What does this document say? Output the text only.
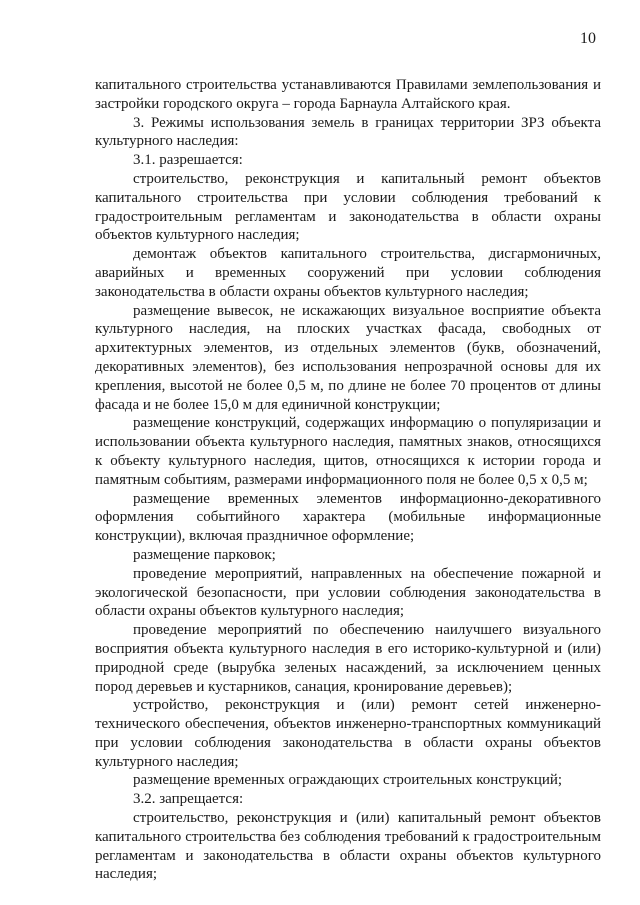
10

капитального строительства устанавливаются Правилами землепользования и застройки городского округа – города Барнаула Алтайского края.

3. Режимы использования земель в границах территории ЗРЗ объекта культурного наследия:

3.1. разрешается:

строительство, реконструкция и капитальный ремонт объектов капитального строительства при условии соблюдения требований к градостроительным регламентам и законодательства в области охраны объектов культурного наследия;

демонтаж объектов капитального строительства, дисгармоничных, аварийных и временных сооружений при условии соблюдения законодательства в области охраны объектов культурного наследия;

размещение вывесок, не искажающих визуальное восприятие объекта культурного наследия, на плоских участках фасада, свободных от архитектурных элементов, из отдельных элементов (букв, обозначений, декоративных элементов), без использования непрозрачной основы для их крепления, высотой не более 0,5 м, по длине не более 70 процентов от длины фасада и не более 15,0 м для единичной конструкции;

размещение конструкций, содержащих информацию о популяризации и использовании объекта культурного наследия, памятных знаков, относящихся к объекту культурного наследия, щитов, относящихся к истории города и памятным событиям, размерами информационного поля не более 0,5 х 0,5 м;

размещение временных элементов информационно-декоративного оформления событийного характера (мобильные информационные конструкции), включая праздничное оформление;

размещение парковок;

проведение мероприятий, направленных на обеспечение пожарной и экологической безопасности, при условии соблюдения законодательства в области охраны объектов культурного наследия;

проведение мероприятий по обеспечению наилучшего визуального восприятия объекта культурного наследия в его историко-культурной и (или) природной среде (вырубка зеленых насаждений, за исключением ценных пород деревьев и кустарников, санация, кронирование деревьев);

устройство, реконструкция и (или) ремонт сетей инженерно-технического обеспечения, объектов инженерно-транспортных коммуникаций при условии соблюдения законодательства в области охраны объектов культурного наследия;

размещение временных ограждающих строительных конструкций;

3.2. запрещается:

строительство, реконструкция и (или) капитальный ремонт объектов капитального строительства без соблюдения требований к градостроительным регламентам и законодательства в области охраны объектов культурного наследия;
